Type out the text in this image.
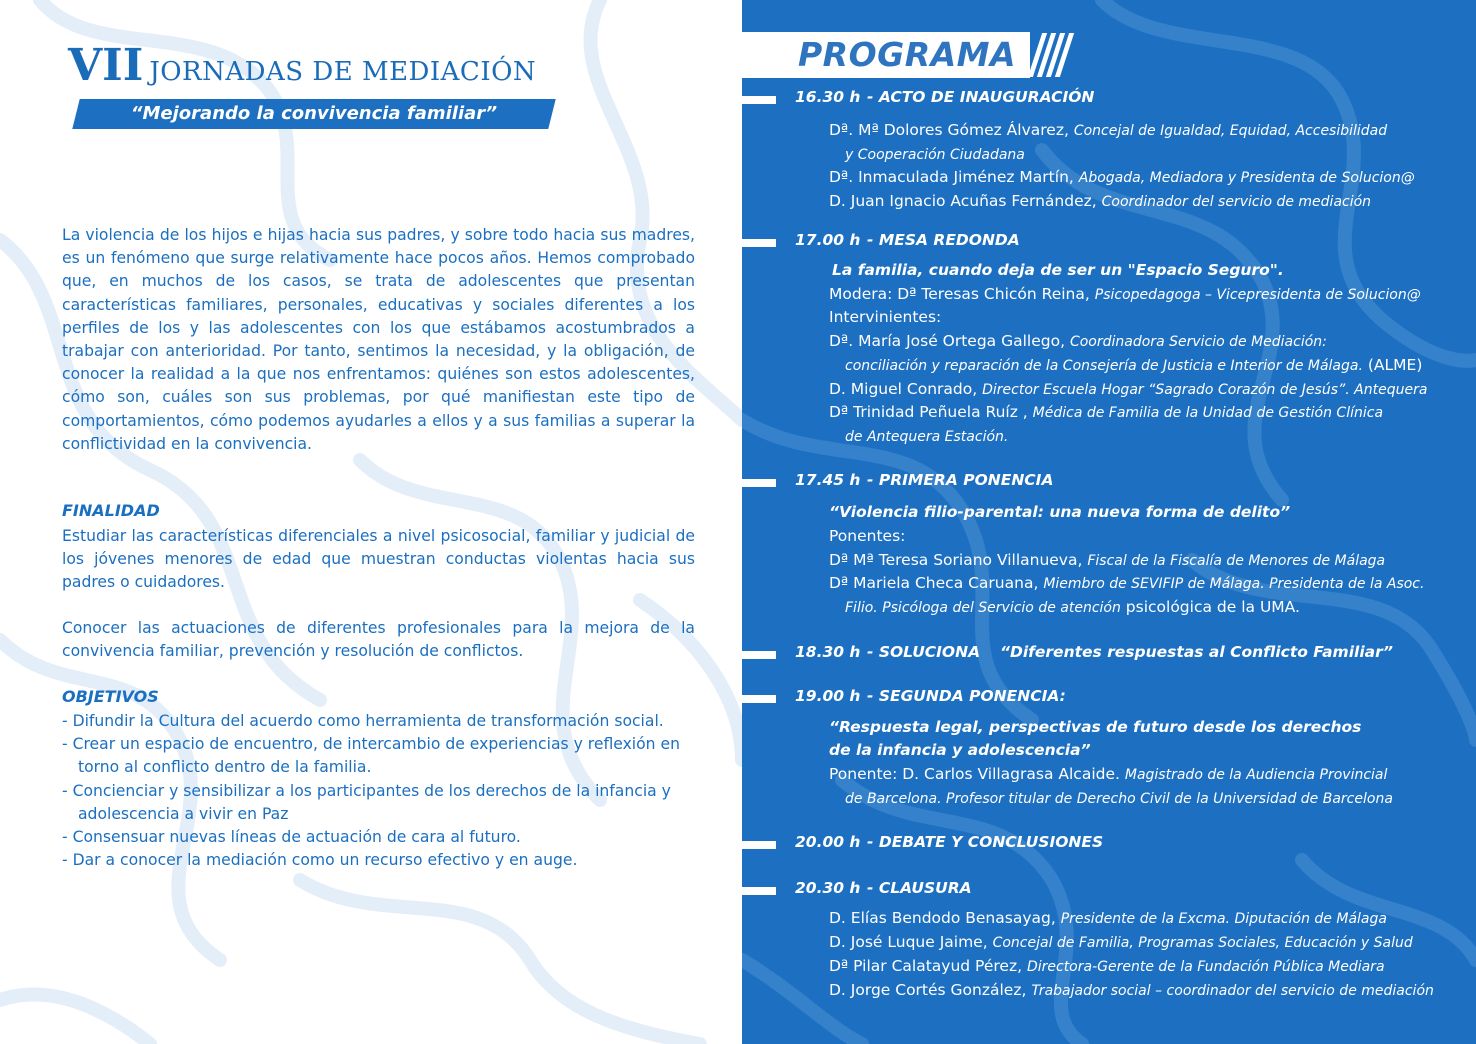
VII JORNADAS DE MEDIACIÓN
“Mejorando la convivencia familiar”

La violencia de los hijos e hijas hacia sus padres, y sobre todo hacia sus madres, es un fenómeno que surge relativamente hace pocos años. Hemos comprobado que, en muchos de los casos, se trata de adolescentes que presentan características familiares, personales, educativas y sociales diferentes a los perfiles de los y las adolescentes con los que estábamos acostumbrados a trabajar con anterioridad. Por tanto, sentimos la necesidad, y la obligación, de conocer la realidad a la que nos enfrentamos: quiénes son estos adolescentes, cómo son, cuáles son sus problemas, por qué manifiestan este tipo de comportamientos, cómo podemos ayudarles a ellos y a sus familias a superar la conflictividad en la convivencia.

FINALIDAD

Estudiar las características diferenciales a nivel psicosocial, familiar y judicial de los jóvenes menores de edad que muestran conductas violentas hacia sus padres o cuidadores.

Conocer las actuaciones de diferentes profesionales para la mejora de la convivencia familiar, prevención y resolución de conflictos.

OBJETIVOS
- Difundir la Cultura del acuerdo como herramienta de transformación social.
- Crear un espacio de encuentro, de intercambio de experiencias y reflexión en torno al conflicto dentro de la familia.
- Concienciar y sensibilizar a los participantes de los derechos de la infancia y adolescencia a vivir en Paz
- Consensuar nuevas líneas de actuación de cara al futuro.
- Dar a conocer la mediación como un recurso efectivo y en auge.
PROGRAMA
16.30 h - ACTO DE INAUGURACIÓN
17.00 h - MESA REDONDA
17.45 h - PRIMERA PONENCIA
18.30 h - SOLUCIONA “Diferentes respuestas al Conflicto Familiar”
19.00 h - SEGUNDA PONENCIA:
20.00 h - DEBATE Y CONCLUSIONES
20.30 h - CLAUSURA
Dª. Mª Dolores Gómez Álvarez, Concejal de Igualdad, Equidad, Accesibilidad
y Cooperación Ciudadana
Dª. Inmaculada Jiménez Martín, Abogada, Mediadora y Presidenta de Solucion@
D. Juan Ignacio Acuñas Fernández, Coordinador del servicio de mediación
La familia, cuando deja de ser un "Espacio Seguro".
Modera: Dª Teresas Chicón Reina, Psicopedagoga – Vicepresidenta de Solucion@
Intervinientes:
Dª. María José Ortega Gallego, Coordinadora Servicio de Mediación:
conciliación y reparación de la Consejería de Justicia e Interior de Málaga. (ALME)
D. Miguel Conrado, Director Escuela Hogar “Sagrado Corazón de Jesús”. Antequera
Dª Trinidad Peñuela Ruíz , Médica de Familia de la Unidad de Gestión Clínica
de Antequera Estación.
“Violencia filio-parental: una nueva forma de delito”
Ponentes:
Dª Mª Teresa Soriano Villanueva, Fiscal de la Fiscalía de Menores de Málaga
Dª Mariela Checa Caruana, Miembro de SEVIFIP de Málaga. Presidenta de la Asoc.
Filio. Psicóloga del Servicio de atención psicológica de la UMA.
“Respuesta legal, perspectivas de futuro desde los derechos
de la infancia y adolescencia”
Ponente: D. Carlos Villagrasa Alcaide. Magistrado de la Audiencia Provincial
de Barcelona. Profesor titular de Derecho Civil de la Universidad de Barcelona
D. Elías Bendodo Benasayag, Presidente de la Excma. Diputación de Málaga
D. José Luque Jaime, Concejal de Familia, Programas Sociales, Educación y Salud
Dª Pilar Calatayud Pérez, Directora-Gerente de la Fundación Pública Mediara
D. Jorge Cortés González, Trabajador social – coordinador del servicio de mediación
